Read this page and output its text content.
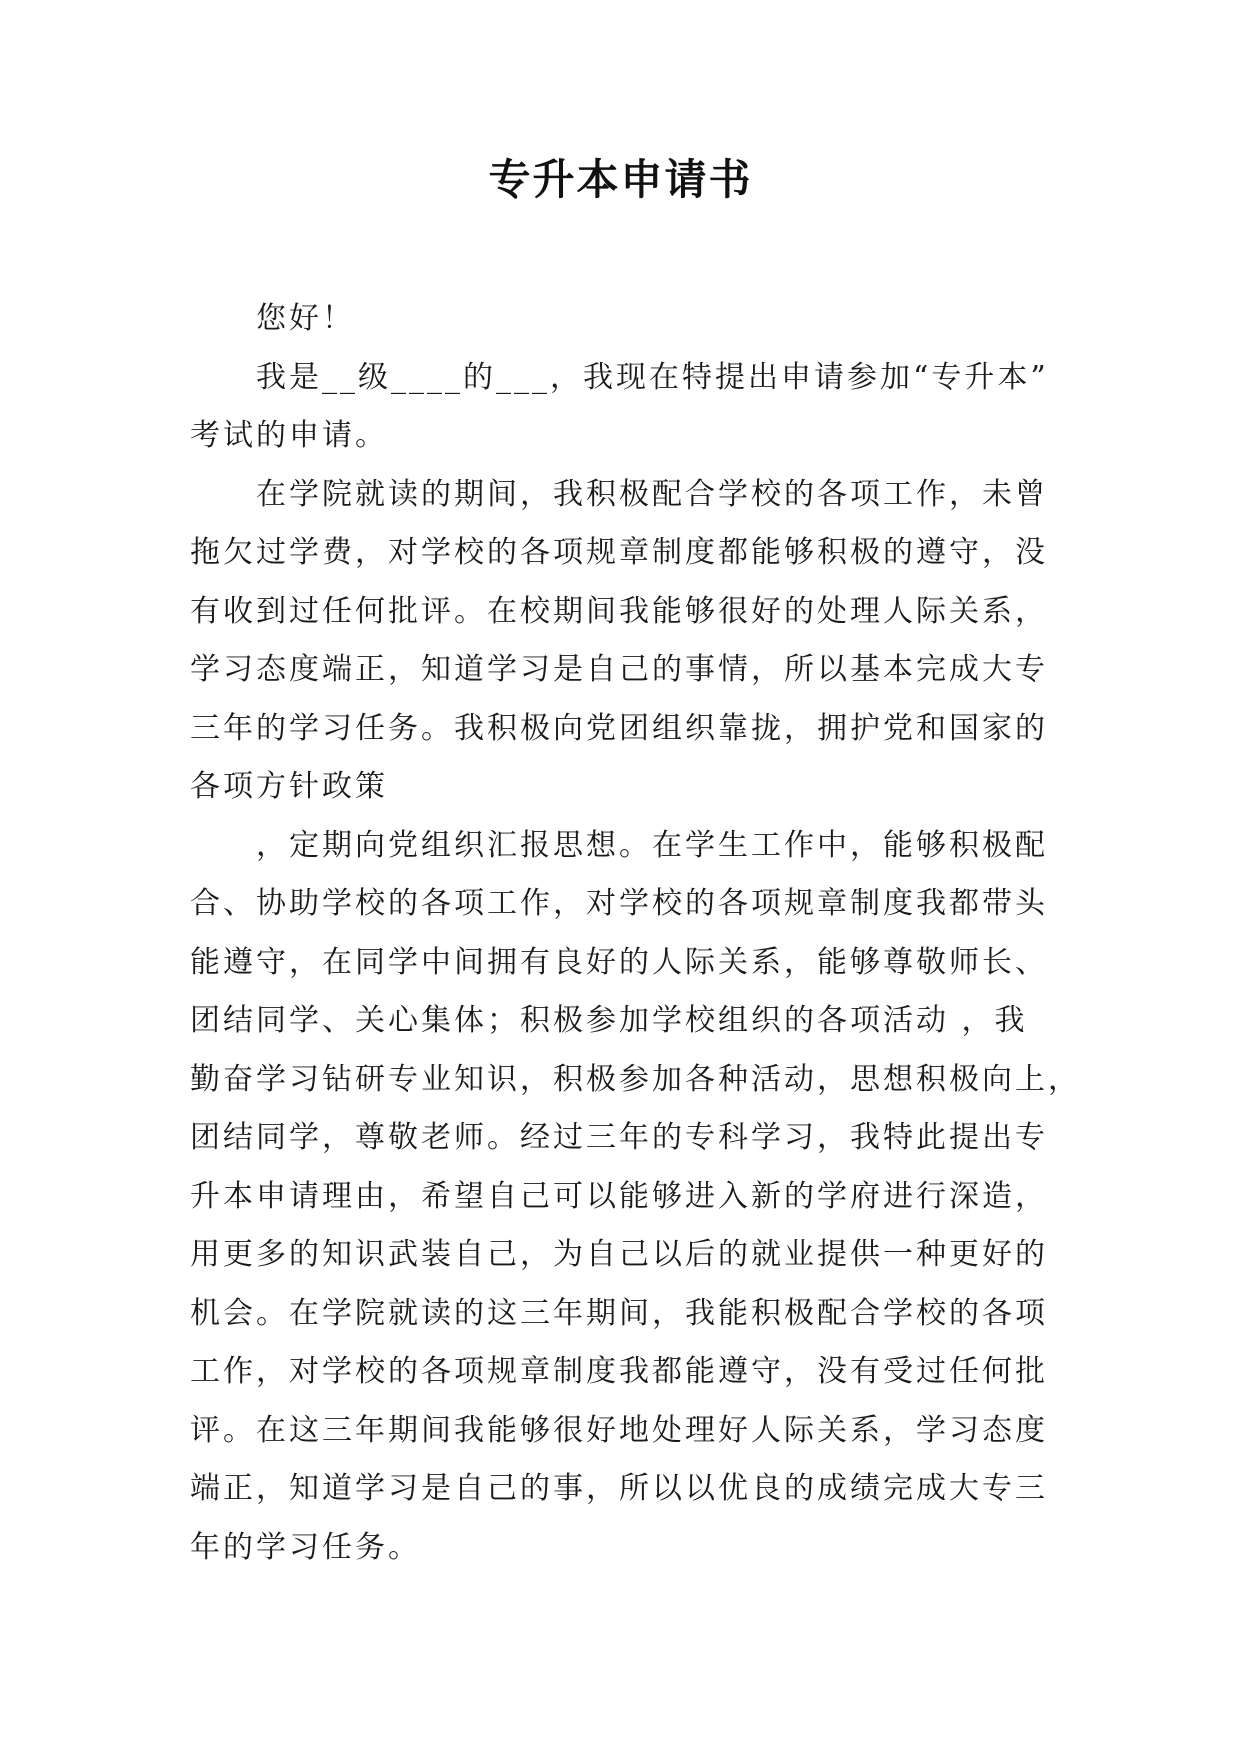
专升本申请书
您好！
我是__级____的___，我现在特提出申请参加“专升本”
考试的申请。
在学院就读的期间，我积极配合学校的各项工作，未曾
拖欠过学费，对学校的各项规章制度都能够积极的遵守，没
有收到过任何批评。在校期间我能够很好的处理人际关系，
学习态度端正，知道学习是自己的事情，所以基本完成大专
三年的学习任务。我积极向党团组织靠拢，拥护党和国家的
各项方针政策
，定期向党组织汇报思想。在学生工作中，能够积极配
合、协助学校的各项工作，对学校的各项规章制度我都带头
能遵守，在同学中间拥有良好的人际关系，能够尊敬师长、
团结同学、关心集体；积极参加学校组织的各项活动 ，我
勤奋学习钻研专业知识，积极参加各种活动，思想积极向上，
团结同学，尊敬老师。经过三年的专科学习，我特此提出专
升本申请理由，希望自己可以能够进入新的学府进行深造，
用更多的知识武装自己，为自己以后的就业提供一种更好的
机会。在学院就读的这三年期间，我能积极配合学校的各项
工作，对学校的各项规章制度我都能遵守，没有受过任何批
评。在这三年期间我能够很好地处理好人际关系，学习态度
端正，知道学习是自己的事，所以以优良的成绩完成大专三
年的学习任务。
